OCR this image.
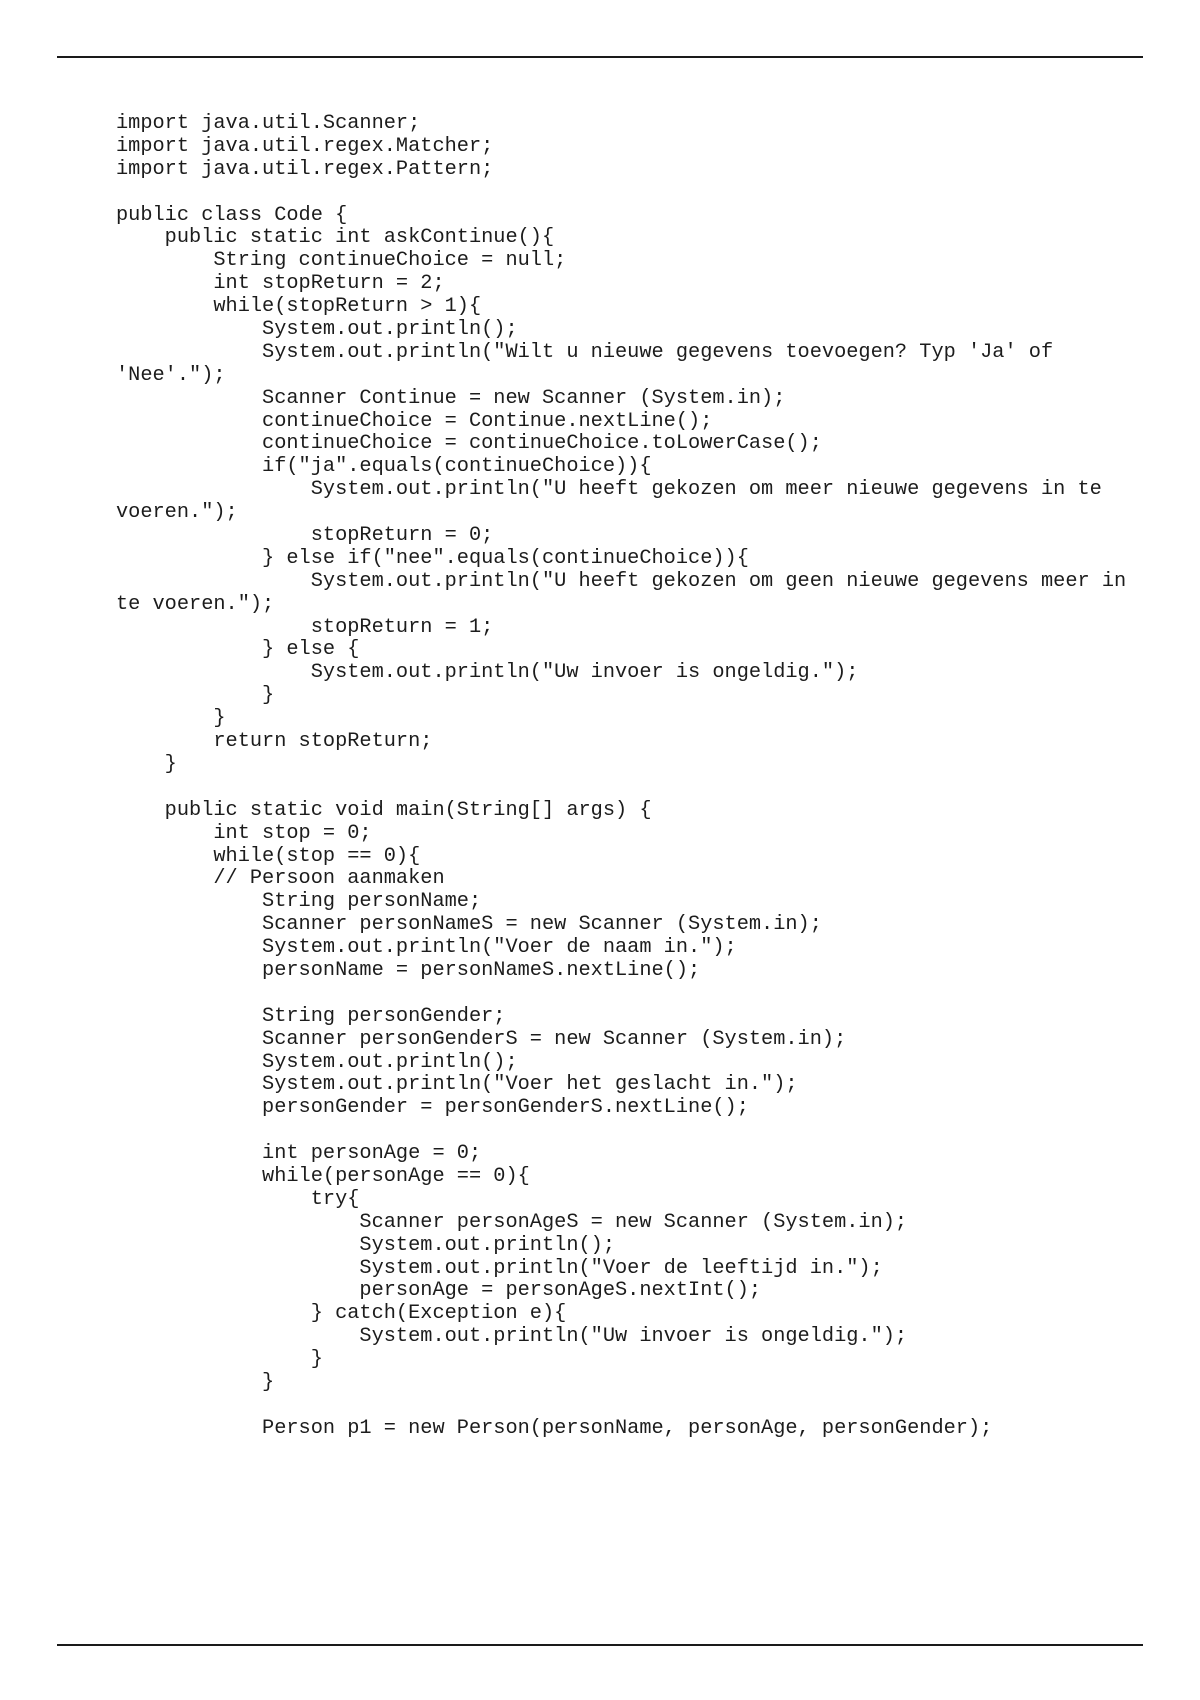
import java.util.Scanner;
import java.util.regex.Matcher;
import java.util.regex.Pattern;
public class Code {
public static int askContinue(){
String continueChoice = null;
int stopReturn = 2;
while(stopReturn > 1){
System.out.println();
System.out.println("Wilt u nieuwe gegevens toevoegen? Typ 'Ja' of
'Nee'.");
Scanner Continue = new Scanner (System.in);
continueChoice = Continue.nextLine();
continueChoice = continueChoice.toLowerCase();
if("ja".equals(continueChoice)){
System.out.println("U heeft gekozen om meer nieuwe gegevens in te
voeren.");
stopReturn = 0;
} else if("nee".equals(continueChoice)){
System.out.println("U heeft gekozen om geen nieuwe gegevens meer in
te voeren.");
stopReturn = 1;
} else {
System.out.println("Uw invoer is ongeldig.");
}
}
return stopReturn;
}
public static void main(String[] args) {
int stop = 0;
while(stop == 0){
// Persoon aanmaken
String personName;
Scanner personNameS = new Scanner (System.in);
System.out.println("Voer de naam in.");
personName = personNameS.nextLine();
String personGender;
Scanner personGenderS = new Scanner (System.in);
System.out.println();
System.out.println("Voer het geslacht in.");
personGender = personGenderS.nextLine();
int personAge = 0;
while(personAge == 0){
try{
Scanner personAgeS = new Scanner (System.in);
System.out.println();
System.out.println("Voer de leeftijd in.");
personAge = personAgeS.nextInt();
} catch(Exception e){
System.out.println("Uw invoer is ongeldig.");
}
}
Person p1 = new Person(personName, personAge, personGender);
